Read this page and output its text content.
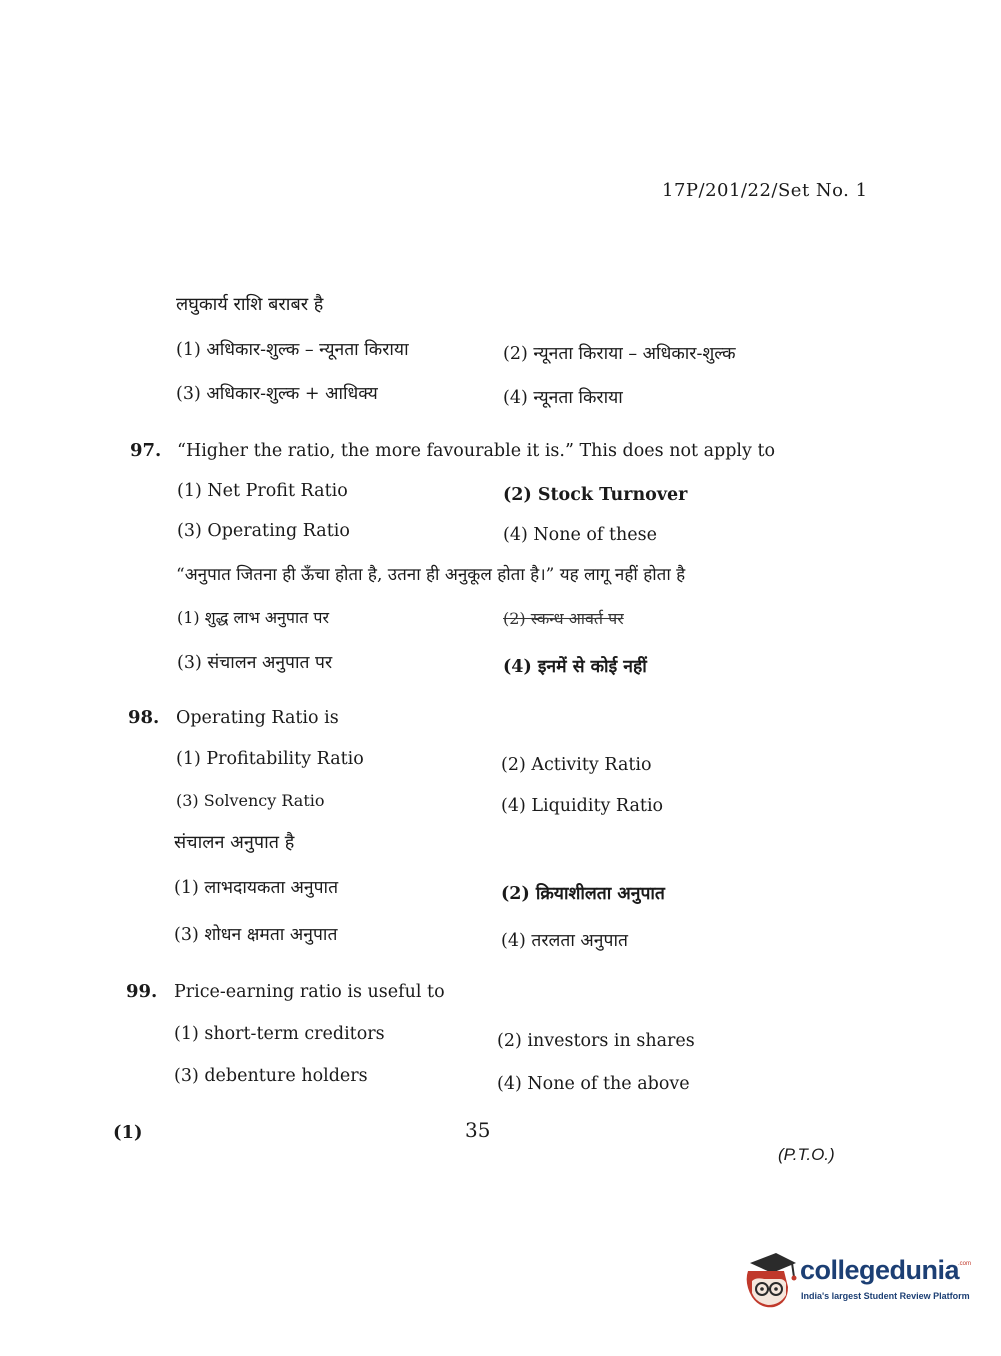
17P/201/22/Set No. 1
लघुकार्य राशि बराबर है
(1) अधिकार-शुल्क – न्यूनता किराया	(2) न्यूनता किराया – अधिकार-शुल्क
(3) अधिकार-शुल्क + आधिक्य	(4) न्यूनता किराया
97. “Higher the ratio, the more favourable it is.” This does not apply to
(1) Net Profit Ratio	(2) Stock Turnover
(3) Operating Ratio	(4) None of these
“अनुपात जितना ही ऊँचा होता है, उतना ही अनुकूल होता है।” यह लागू नहीं होता है
(1) शुद्ध लाभ अनुपात पर	(2) स्कन्ध आवर्त पर
(3) संचालन अनुपात पर	(4) इनमें से कोई नहीं
98. Operating Ratio is
(1) Profitability Ratio	(2) Activity Ratio
(3) Solvency Ratio	(4) Liquidity Ratio
संचालन अनुपात है
(1) लाभदायकता अनुपात	(2) क्रियाशीलता अनुपात
(3) शोधन क्षमता अनुपात	(4) तरलता अनुपात
99. Price-earning ratio is useful to
(1) short-term creditors	(2) investors in shares
(3) debenture holders	(4) None of the above
(1)	35
(P.T.O.)
collegedunia
.com
India's largest Student Review Platform
